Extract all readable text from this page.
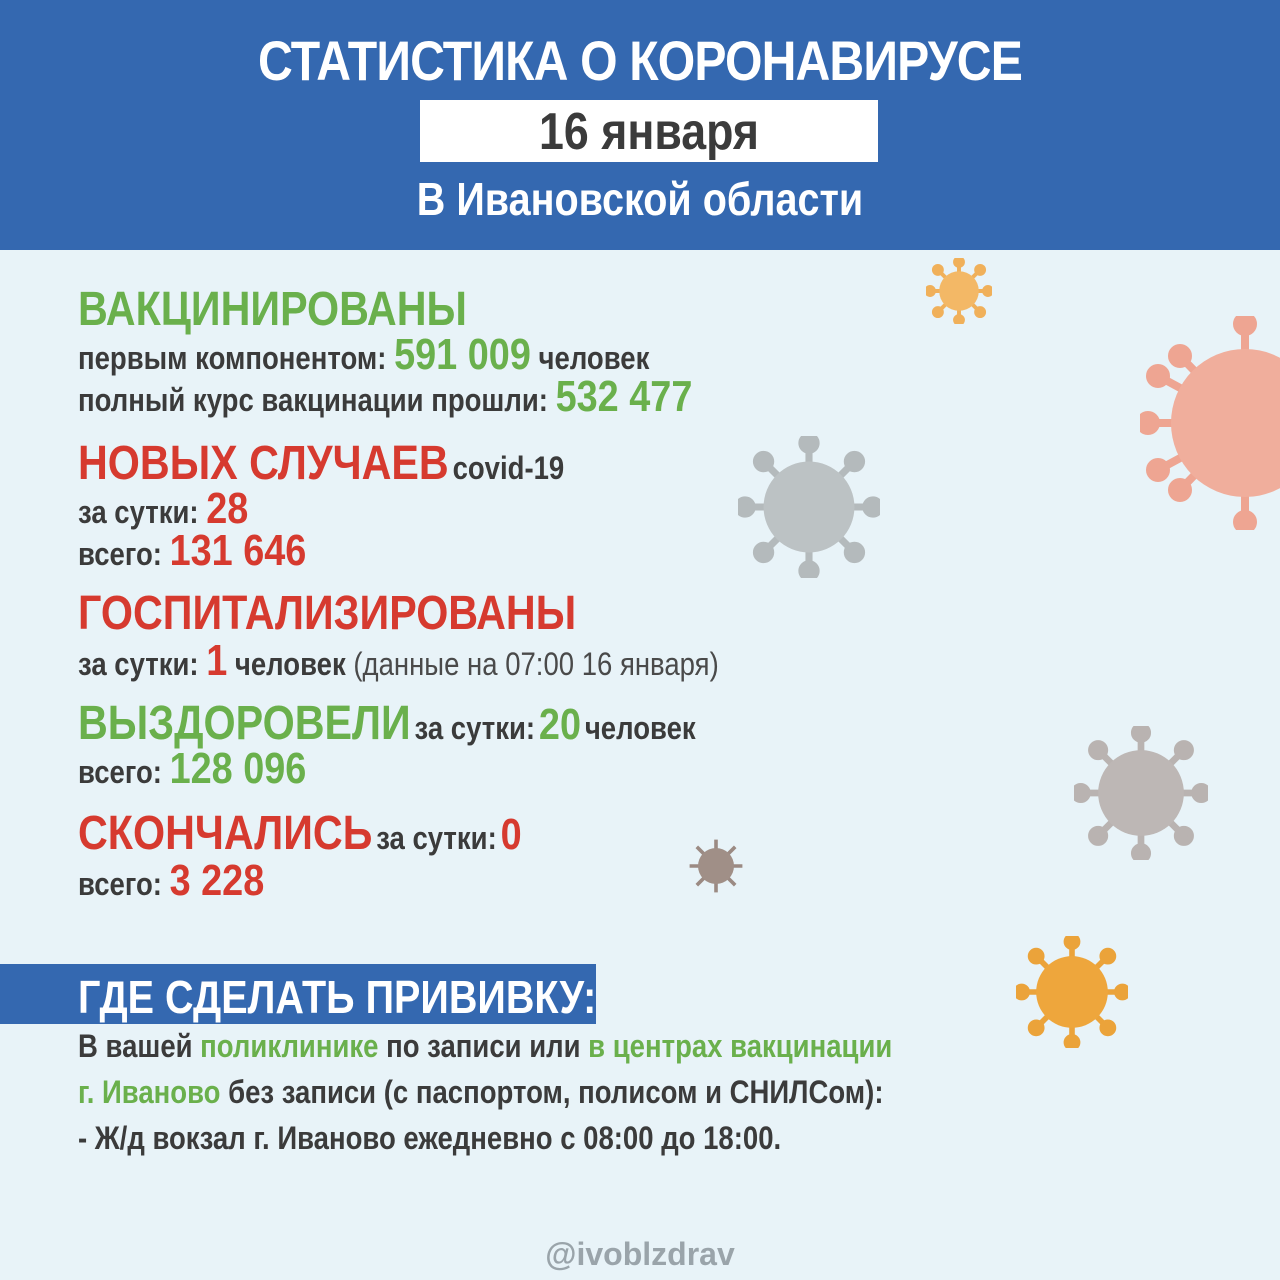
СТАТИСТИКА О КОРОНАВИРУСЕ
16 января
В Ивановской области
ВАКЦИНИРОВАНЫ
первым компонентом: 591 009 человек
полный курс вакцинации прошли: 532 477
НОВЫХ СЛУЧАЕВ covid-19
за сутки: 28
всего: 131 646
ГОСПИТАЛИЗИРОВАНЫ
за сутки: 1 человек (данные на 07:00 16 января)
ВЫЗДОРОВЕЛИ за сутки: 20 человек
всего: 128 096
СКОНЧАЛИСЬ за сутки: 0
всего: 3 228
ГДЕ СДЕЛАТЬ ПРИВИВКУ:
В вашей поликлинике по записи или в центрах вакцинации
г. Иваново без записи (с паспортом, полисом и СНИЛСом):
- Ж/д вокзал г. Иваново ежедневно с 08:00 до 18:00.
@ivoblzdrav
